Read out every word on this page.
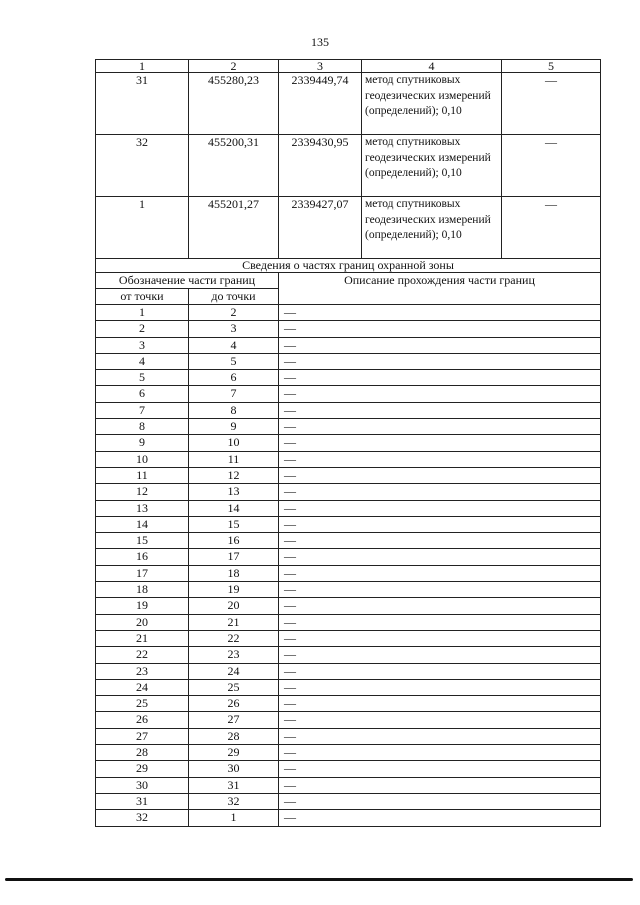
135
1	2	3	4	5
31	455280,23	2339449,74	метод спутниковых геодезических измерений (определений); 0,10	—
32	455200,31	2339430,95	метод спутниковых геодезических измерений (определений); 0,10	—
1	455201,27	2339427,07	метод спутниковых геодезических измерений (определений); 0,10	—
Сведения о частях границ охранной зоны				
Обозначение части границ		Описание прохождения части границ		
от точки	до точки			
1	2	—		
2	3	—		
3	4	—		
4	5	—		
5	6	—		
6	7	—		
7	8	—		
8	9	—		
9	10	—		
10	11	—		
11	12	—		
12	13	—		
13	14	—		
14	15	—		
15	16	—		
16	17	—		
17	18	—		
18	19	—		
19	20	—		
20	21	—		
21	22	—		
22	23	—		
23	24	—		
24	25	—		
25	26	—		
26	27	—		
27	28	—		
28	29	—		
29	30	—		
30	31	—		
31	32	—		
32	1	—		
